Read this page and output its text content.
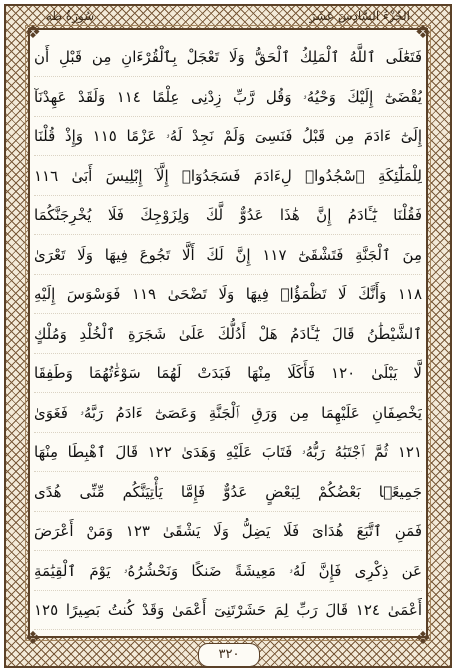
الجُزْءُ السَّادِسَ عَشَرَ
سُورَةُ طه
❖	❖
❖	❖
فَتَعَٰلَى ٱللَّهُ ٱلْمَلِكُ ٱلْحَقُّ وَلَا تَعْجَلْ بِٱلْقُرْءَانِ مِن قَبْلِ أَن
يُقْضَىٰٓ إِلَيْكَ وَحْيُهُۥ وَقُل رَّبِّ زِدْنِى عِلْمًا ١١٤ وَلَقَدْ عَهِدْنَآ
إِلَىٰٓ ءَادَمَ مِن قَبْلُ فَنَسِىَ وَلَمْ نَجِدْ لَهُۥ عَزْمًا ١١٥ وَإِذْ قُلْنَا
لِلْمَلَٰٓئِكَةِ ٱسْجُدُوا۟ لِءَادَمَ فَسَجَدُوٓا۟ إِلَّآ إِبْلِيسَ أَبَىٰ ١١٦
فَقُلْنَا يَٰٓـَٔادَمُ إِنَّ هَٰذَا عَدُوٌّ لَّكَ وَلِزَوْجِكَ فَلَا يُخْرِجَنَّكُمَا
مِنَ ٱلْجَنَّةِ فَتَشْقَىٰٓ ١١٧ إِنَّ لَكَ أَلَّا تَجُوعَ فِيهَا وَلَا تَعْرَىٰ
١١٨ وَأَنَّكَ لَا تَظْمَؤُا۟ فِيهَا وَلَا تَضْحَىٰ ١١٩ فَوَسْوَسَ إِلَيْهِ
ٱلشَّيْطَٰنُ قَالَ يَٰٓـَٔادَمُ هَلْ أَدُلُّكَ عَلَىٰ شَجَرَةِ ٱلْخُلْدِ وَمُلْكٍ
لَّا يَبْلَىٰ ١٢٠ فَأَكَلَا مِنْهَا فَبَدَتْ لَهُمَا سَوْءَٰتُهُمَا وَطَفِقَا
يَخْصِفَانِ عَلَيْهِمَا مِن وَرَقِ ٱلْجَنَّةِ وَعَصَىٰٓ ءَادَمُ رَبَّهُۥ فَغَوَىٰ
١٢١ ثُمَّ ٱجْتَبَٰهُ رَبُّهُۥ فَتَابَ عَلَيْهِ وَهَدَىٰ ١٢٢ قَالَ ٱهْبِطَا مِنْهَا
جَمِيعًۢا بَعْضُكُمْ لِبَعْضٍ عَدُوٌّ فَإِمَّا يَأْتِيَنَّكُم مِّنِّى هُدًى
فَمَنِ ٱتَّبَعَ هُدَاىَ فَلَا يَضِلُّ وَلَا يَشْقَىٰ ١٢٣ وَمَنْ أَعْرَضَ
عَن ذِكْرِى فَإِنَّ لَهُۥ مَعِيشَةً ضَنكًا وَنَحْشُرُهُۥ يَوْمَ ٱلْقِيَٰمَةِ
أَعْمَىٰ ١٢٤ قَالَ رَبِّ لِمَ حَشَرْتَنِىٓ أَعْمَىٰ وَقَدْ كُنتُ بَصِيرًا ١٢٥
٣٢٠
